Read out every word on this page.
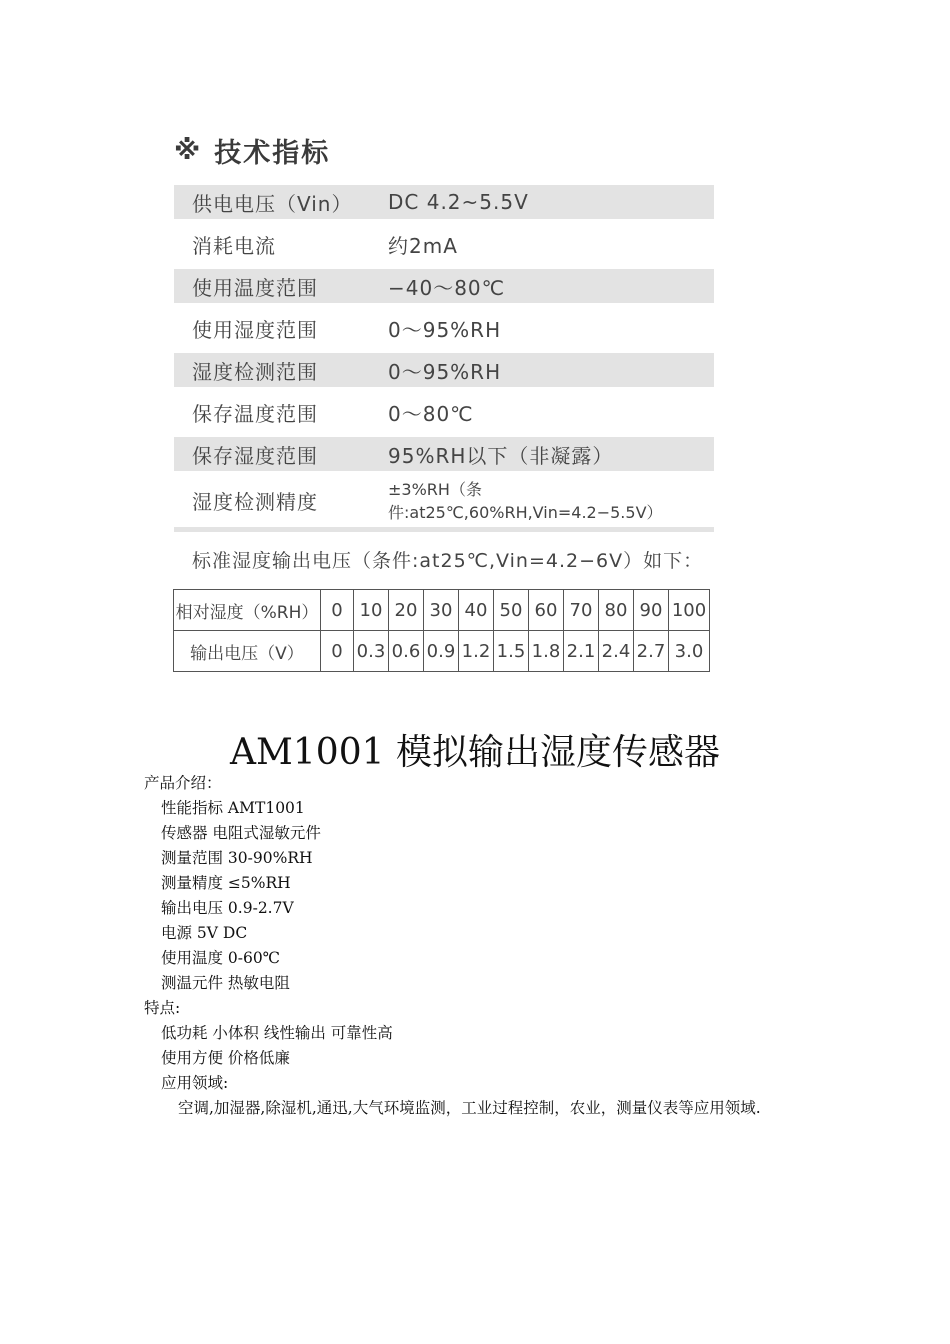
※ 技术指标
供电电压（Vin）	DC 4.2~5.5V
消耗电流	约2mA
使用温度范围	−40～80℃
使用湿度范围	0～95%RH
湿度检测范围	0～95%RH
保存温度范围	0～80℃
保存湿度范围	95%RH以下（非凝露）
湿度检测精度	±3%RH（条件:at25℃,60%RH,Vin=4.2−5.5V）
标准湿度输出电压（条件:at25℃,Vin=4.2−6V）如下：
相对湿度（%RH）	0	10	20	30	40	50	60	70	80	90	100
输出电压（V）	0	0.3	0.6	0.9	1.2	1.5	1.8	2.1	2.4	2.7	3.0
AM1001 模拟输出湿度传感器
产品介绍：
性能指标 AMT1001
传感器 电阻式湿敏元件
测量范围 30-90%RH
测量精度 ≤5%RH
输出电压 0.9-2.7V
电源 5V DC
使用温度 0-60℃
测温元件 热敏电阻
特点:
低功耗 小体积 线性输出 可靠性高
使用方便 价格低廉
应用领域:
空调,加湿器,除湿机,通迅,大气环境监测，工业过程控制，农业，测量仪表等应用领域.
